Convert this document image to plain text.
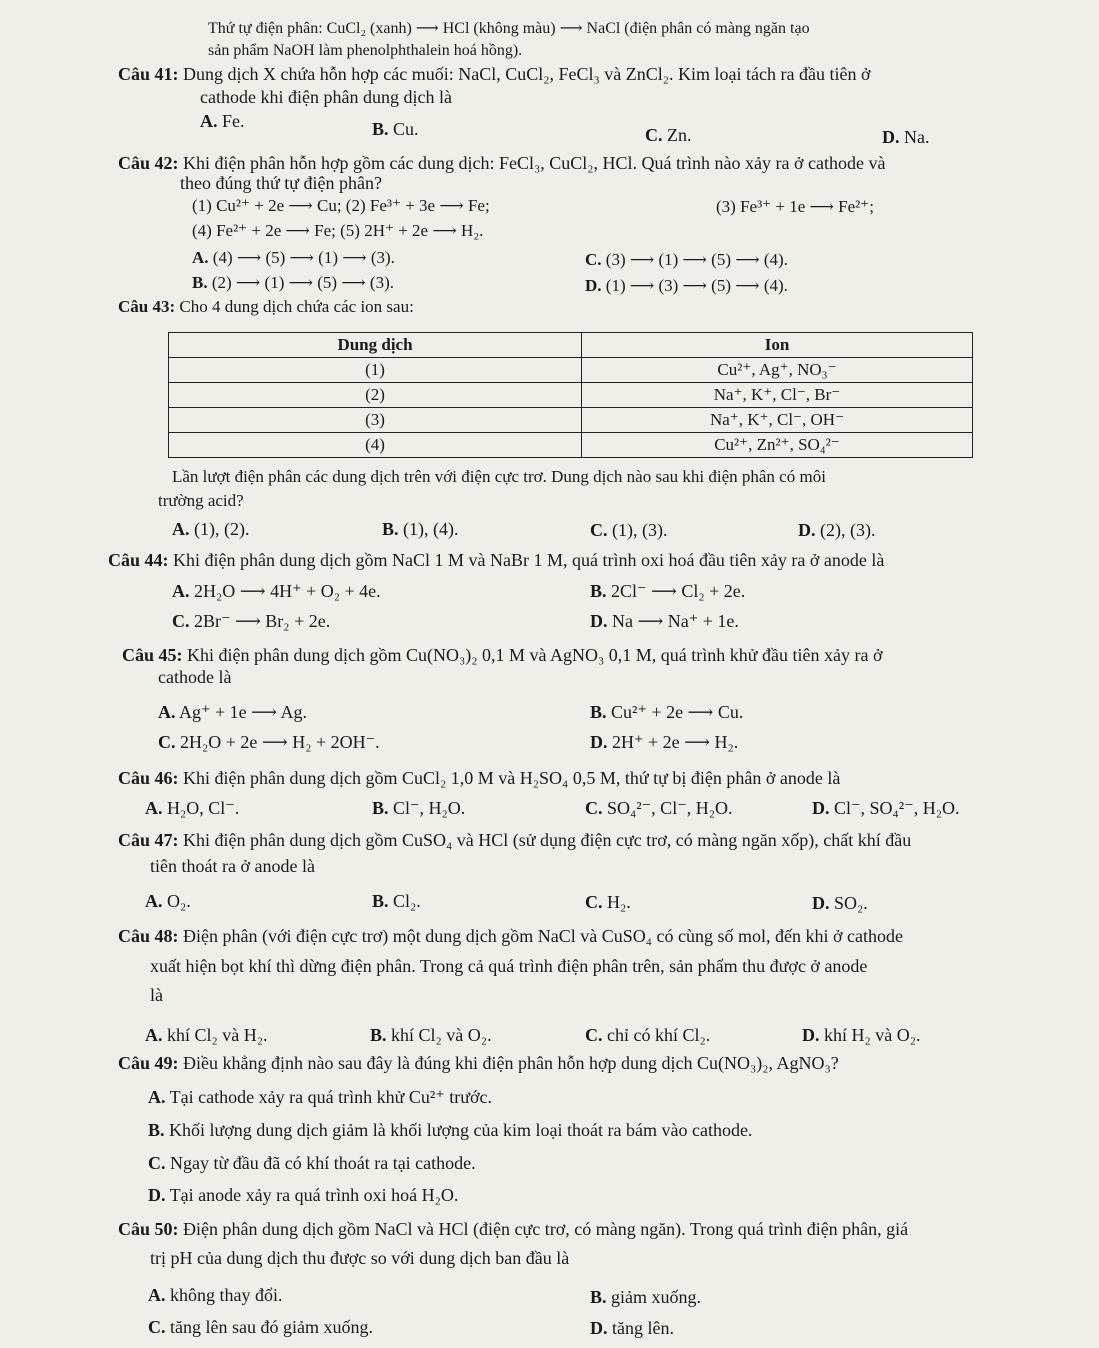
Thứ tự điện phân: CuCl₂ (xanh) ⟶ HCl (không màu) ⟶ NaCl (điện phân có màng ngăn tạo
sản phẩm NaOH làm phenolphthalein hoá hồng).
Câu 41: Dung dịch X chứa hỗn hợp các muối: NaCl, CuCl₂, FeCl₃ và ZnCl₂. Kim loại tách ra đầu tiên ở
cathode khi điện phân dung dịch là
A. Fe.	B. Cu.	C. Zn.	D. Na.
Câu 42: Khi điện phân hỗn hợp gồm các dung dịch: FeCl₃, CuCl₂, HCl. Quá trình nào xảy ra ở cathode và
theo đúng thứ tự điện phân?
(1) Cu²⁺ + 2e ⟶ Cu; (2) Fe³⁺ + 3e ⟶ Fe;	(3) Fe³⁺ + 1e ⟶ Fe²⁺;
(4) Fe²⁺ + 2e ⟶ Fe; (5) 2H⁺ + 2e ⟶ H₂.
A. (4) ⟶ (5) ⟶ (1) ⟶ (3).	C. (3) ⟶ (1) ⟶ (5) ⟶ (4).
B. (2) ⟶ (1) ⟶ (5) ⟶ (3).	D. (1) ⟶ (3) ⟶ (5) ⟶ (4).
Câu 43: Cho 4 dung dịch chứa các ion sau:
Dung dịch	Ion
(1)	Cu²⁺, Ag⁺, NO₃⁻
(2)	Na⁺, K⁺, Cl⁻, Br⁻
(3)	Na⁺, K⁺, Cl⁻, OH⁻
(4)	Cu²⁺, Zn²⁺, SO₄²⁻
Lần lượt điện phân các dung dịch trên với điện cực trơ. Dung dịch nào sau khi điện phân có môi
trường acid?
A. (1), (2).	B. (1), (4).	C. (1), (3).	D. (2), (3).
Câu 44: Khi điện phân dung dịch gồm NaCl 1 M và NaBr 1 M, quá trình oxi hoá đầu tiên xảy ra ở anode là
A. 2H₂O ⟶ 4H⁺ + O₂ + 4e.	B. 2Cl⁻ ⟶ Cl₂ + 2e.
C. 2Br⁻ ⟶ Br₂ + 2e.	D. Na ⟶ Na⁺ + 1e.
Câu 45: Khi điện phân dung dịch gồm Cu(NO₃)₂ 0,1 M và AgNO₃ 0,1 M, quá trình khử đầu tiên xảy ra ở
cathode là
A. Ag⁺ + 1e ⟶ Ag.	B. Cu²⁺ + 2e ⟶ Cu.
C. 2H₂O + 2e ⟶ H₂ + 2OH⁻.	D. 2H⁺ + 2e ⟶ H₂.
Câu 46: Khi điện phân dung dịch gồm CuCl₂ 1,0 M và H₂SO₄ 0,5 M, thứ tự bị điện phân ở anode là
A. H₂O, Cl⁻.	B. Cl⁻, H₂O.	C. SO₄²⁻, Cl⁻, H₂O.	D. Cl⁻, SO₄²⁻, H₂O.
Câu 47: Khi điện phân dung dịch gồm CuSO₄ và HCl (sử dụng điện cực trơ, có màng ngăn xốp), chất khí đầu
tiên thoát ra ở anode là
A. O₂.	B. Cl₂.	C. H₂.	D. SO₂.
Câu 48: Điện phân (với điện cực trơ) một dung dịch gồm NaCl và CuSO₄ có cùng số mol, đến khi ở cathode
xuất hiện bọt khí thì dừng điện phân. Trong cả quá trình điện phân trên, sản phẩm thu được ở anode
là
A. khí Cl₂ và H₂.	B. khí Cl₂ và O₂.	C. chỉ có khí Cl₂.	D. khí H₂ và O₂.
Câu 49: Điều khẳng định nào sau đây là đúng khi điện phân hỗn hợp dung dịch Cu(NO₃)₂, AgNO₃?
A. Tại cathode xảy ra quá trình khử Cu²⁺ trước.
B. Khối lượng dung dịch giảm là khối lượng của kim loại thoát ra bám vào cathode.
C. Ngay từ đầu đã có khí thoát ra tại cathode.
D. Tại anode xảy ra quá trình oxi hoá H₂O.
Câu 50: Điện phân dung dịch gồm NaCl và HCl (điện cực trơ, có màng ngăn). Trong quá trình điện phân, giá
trị pH của dung dịch thu được so với dung dịch ban đầu là
A. không thay đổi.	B. giảm xuống.
C. tăng lên sau đó giảm xuống.	D. tăng lên.
